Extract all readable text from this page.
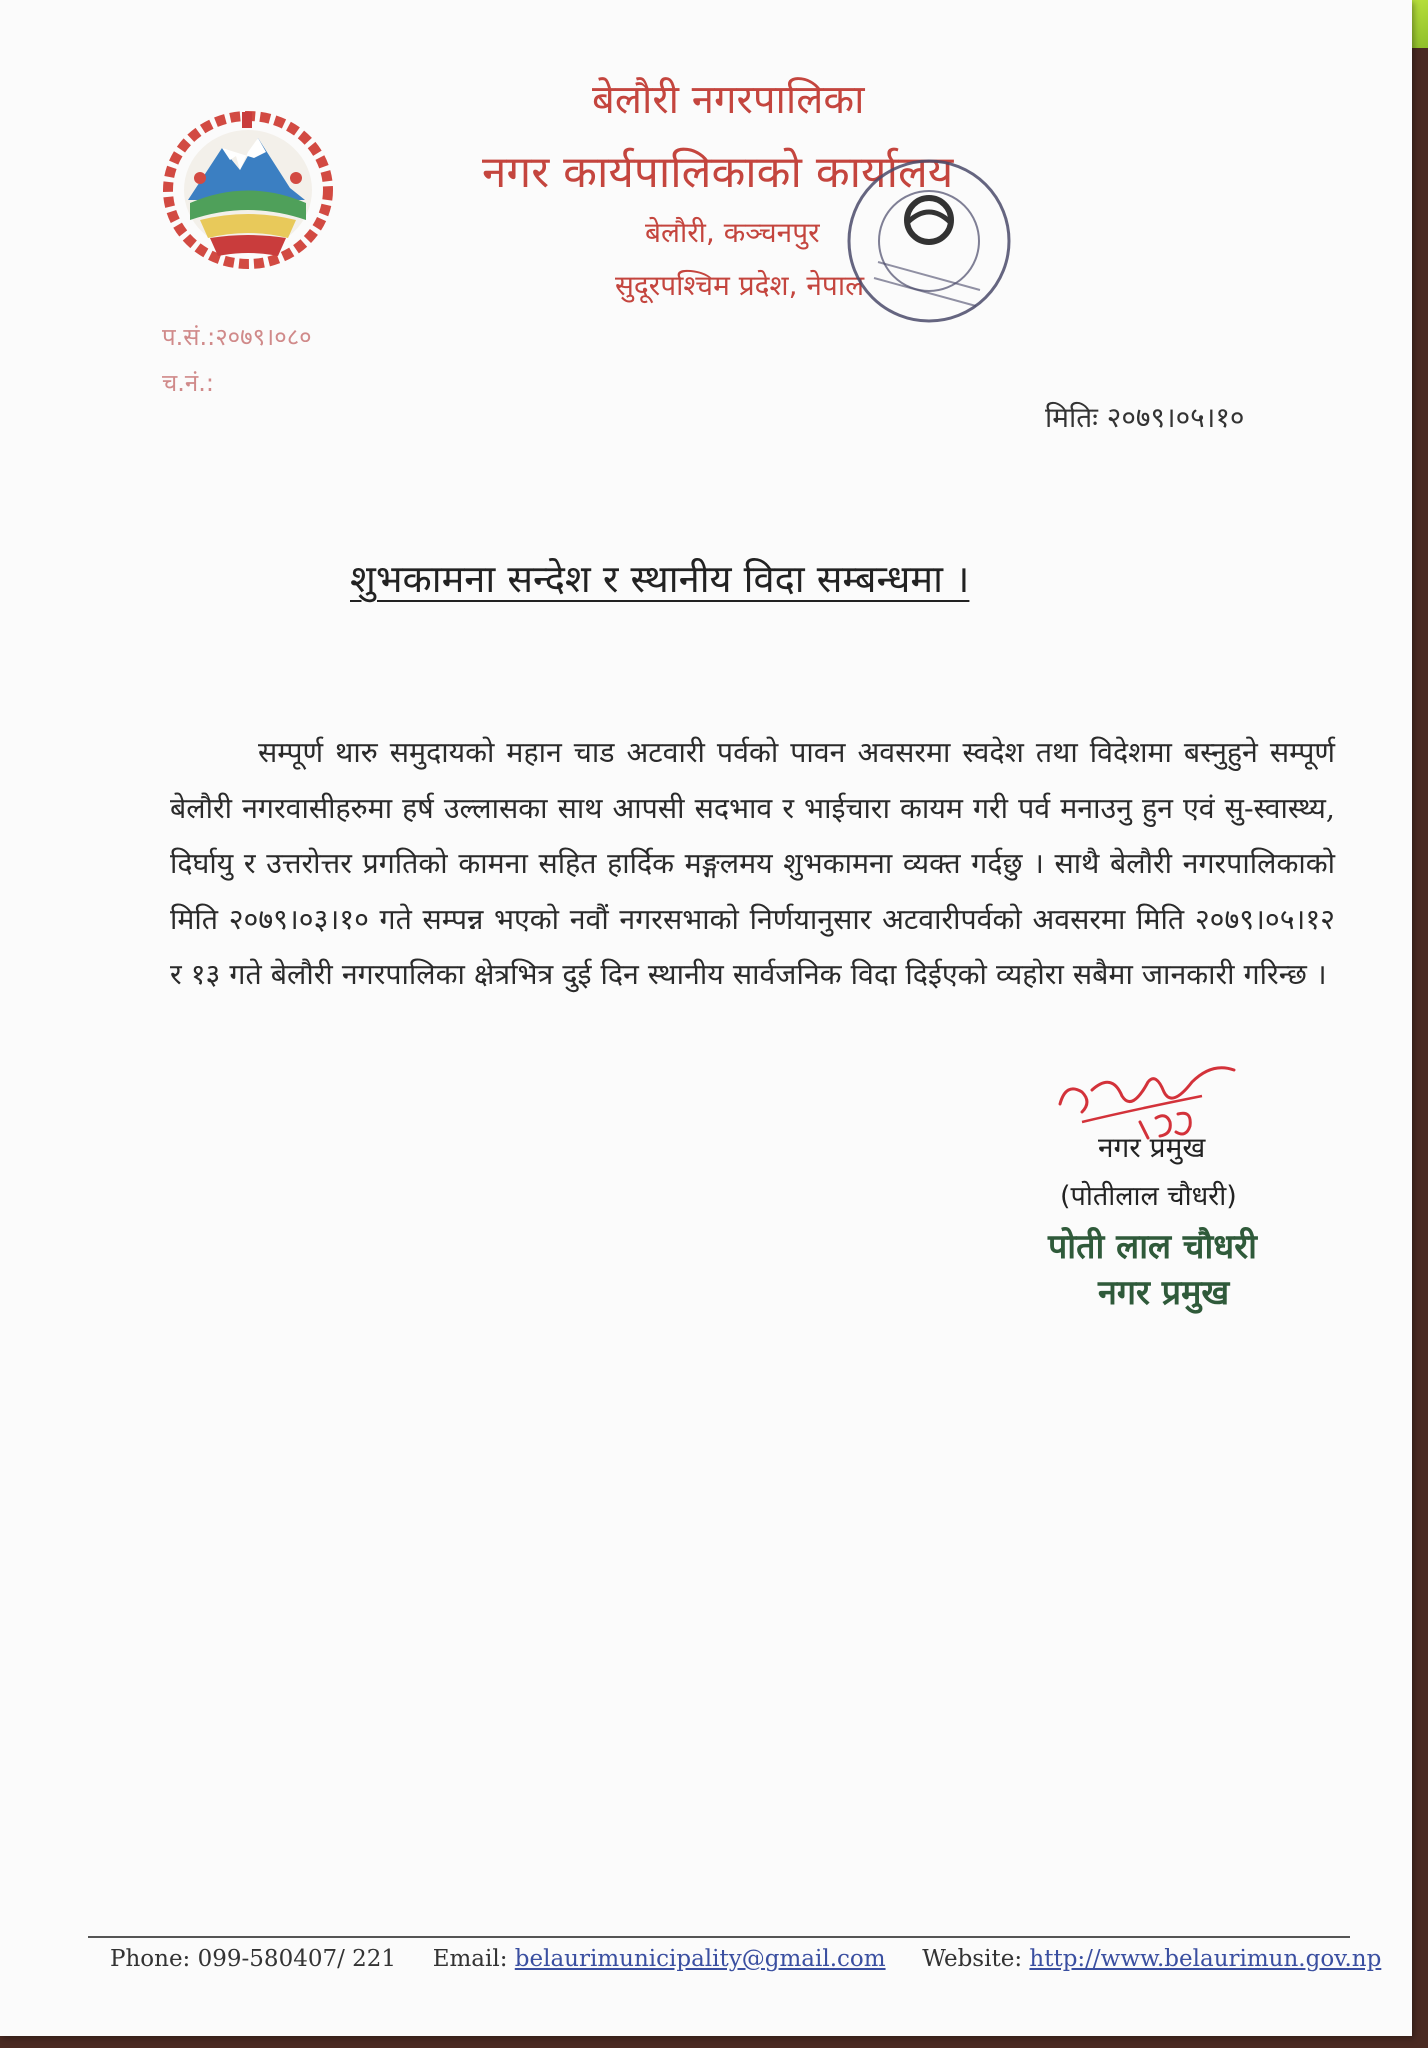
बेलौरी नगरपालिका
नगर कार्यपालिकाको कार्यालय
बेलौरी, कञ्चनपुर
सुदूरपश्चिम प्रदेश, नेपाल
प.सं.:२०७९।०८०
च.नं.:
मितिः २०७९।०५।१०
शुभकामना सन्देश र स्थानीय विदा सम्बन्धमा ।
सम्पूर्ण थारु समुदायको महान चाड अटवारी पर्वको पावन अवसरमा स्वदेश तथा विदेशमा बस्नुहुने सम्पूर्ण बेलौरी नगरवासीहरुमा हर्ष उल्लासका साथ आपसी सदभाव र भाईचारा कायम गरी पर्व मनाउनु हुन एवं सु-स्वास्थ्य, दिर्घायु र उत्तरोत्तर प्रगतिको कामना सहित हार्दिक मङ्गलमय शुभकामना व्यक्त गर्दछु । साथै बेलौरी नगरपालिकाको मिति २०७९।०३।१० गते सम्पन्न भएको नवौं नगरसभाको निर्णयानुसार अटवारीपर्वको अवसरमा मिति २०७९।०५।१२ र १३ गते बेलौरी नगरपालिका क्षेत्रभित्र दुई दिन स्थानीय सार्वजनिक विदा दिईएको व्यहोरा सबैमा जानकारी गरिन्छ ।
नगर प्रमुख
(पोतीलाल चौधरी)
पोती लाल चौधरी
नगर प्रमुख
Phone: 099-580407/ 221 Email: belaurimunicipality@gmail.com Website: http://www.belaurimun.gov.np
